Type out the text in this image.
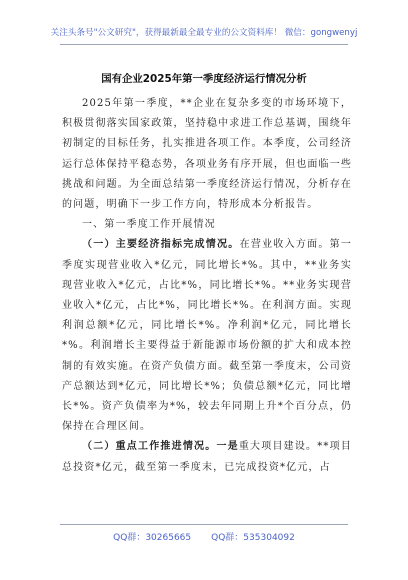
关注头条号"公文研究"，获得最新最全最专业的公文资料库！ 微信：gongwenyj
国有企业2025年第一季度经济运行情况分析

2025年第一季度，**企业在复杂多变的市场环境下，积极贯彻落实国家政策，坚持稳中求进工作总基调，围绕年初制定的目标任务，扎实推进各项工作。本季度，公司经济运行总体保持平稳态势，各项业务有序开展，但也面临一些挑战和问题。为全面总结第一季度经济运行情况，分析存在的问题，明确下一步工作方向，特形成本分析报告。

一、第一季度工作开展情况

（一）主要经济指标完成情况。在营业收入方面。第一季度实现营业收入*亿元，同比增长*%。其中，**业务实现营业收入*亿元，占比*%，同比增长*%。**业务实现营业收入*亿元，占比*%，同比增长*%。在利润方面。实现利润总额*亿元，同比增长*%。净利润*亿元，同比增长*%。利润增长主要得益于新能源市场份额的扩大和成本控制的有效实施。在资产负债方面。截至第一季度末，公司资产总额达到*亿元，同比增长*%；负债总额*亿元，同比增长*%。资产负债率为*%，较去年同期上升*个百分点，仍保持在合理区间。

（二）重点工作推进情况。一是重大项目建设。**项目总投资*亿元，截至第一季度末，已完成投资*亿元，占

QQ群：30265665 QQ群：535304092
